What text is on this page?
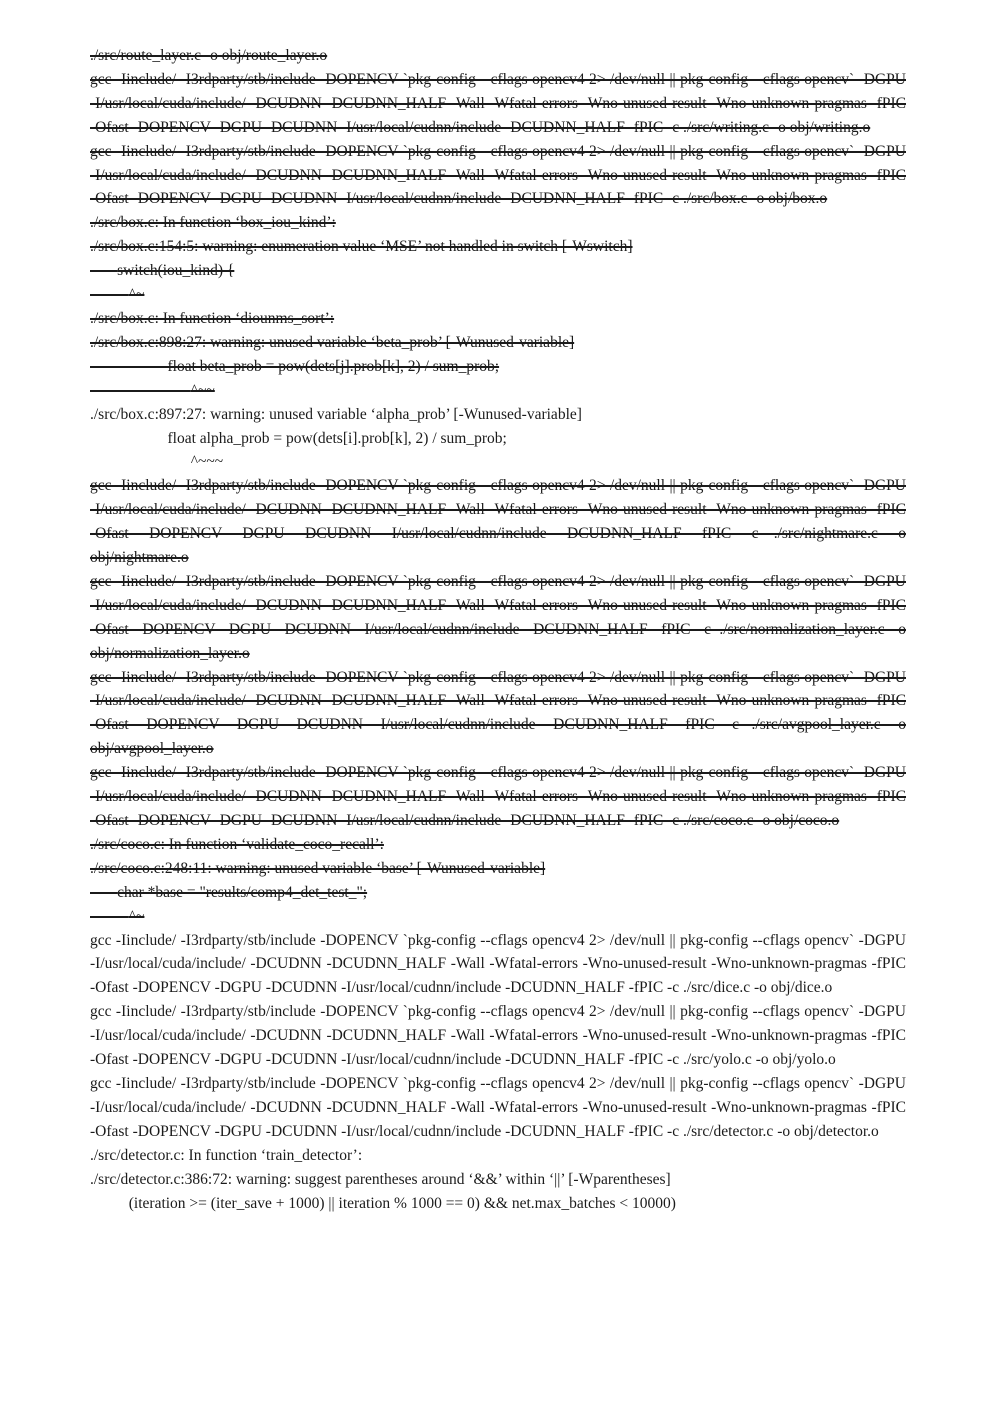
./src/route_layer.c -o obj/route_layer.o
gcc -Iinclude/ -I3rdparty/stb/include -DOPENCV `pkg-config --cflags opencv4 2> /dev/null || pkg-config --cflags opencv` -DGPU -I/usr/local/cuda/include/ -DCUDNN -DCUDNN_HALF -Wall -Wfatal-errors -Wno-unused-result -Wno-unknown-pragmas -fPIC -Ofast -DOPENCV -DGPU -DCUDNN -I/usr/local/cudnn/include -DCUDNN_HALF -fPIC -c ./src/writing.c -o obj/writing.o
gcc -Iinclude/ -I3rdparty/stb/include -DOPENCV `pkg-config --cflags opencv4 2> /dev/null || pkg-config --cflags opencv` -DGPU -I/usr/local/cuda/include/ -DCUDNN -DCUDNN_HALF -Wall -Wfatal-errors -Wno-unused-result -Wno-unknown-pragmas -fPIC -Ofast -DOPENCV -DGPU -DCUDNN -I/usr/local/cudnn/include -DCUDNN_HALF -fPIC -c ./src/box.c -o obj/box.o
./src/box.c: In function ‘box_iou_kind’:
./src/box.c:154:5: warning: enumeration value ‘MSE’ not handled in switch [-Wswitch]
switch(iou_kind) {
^~
./src/box.c: In function ‘diounms_sort’:
./src/box.c:898:27: warning: unused variable ‘beta_prob’ [-Wunused-variable]
float beta_prob = pow(dets[j].prob[k], 2) / sum_prob;
^~~
./src/box.c:897:27: warning: unused variable ‘alpha_prob’ [-Wunused-variable]
float alpha_prob = pow(dets[i].prob[k], 2) / sum_prob;
^~~~
gcc -Iinclude/ -I3rdparty/stb/include -DOPENCV `pkg-config --cflags opencv4 2> /dev/null || pkg-config --cflags opencv` -DGPU -I/usr/local/cuda/include/ -DCUDNN -DCUDNN_HALF -Wall -Wfatal-errors -Wno-unused-result -Wno-unknown-pragmas -fPIC -Ofast -DOPENCV -DGPU -DCUDNN -I/usr/local/cudnn/include -DCUDNN_HALF -fPIC -c ./src/nightmare.c -o obj/nightmare.o
gcc -Iinclude/ -I3rdparty/stb/include -DOPENCV `pkg-config --cflags opencv4 2> /dev/null || pkg-config --cflags opencv` -DGPU -I/usr/local/cuda/include/ -DCUDNN -DCUDNN_HALF -Wall -Wfatal-errors -Wno-unused-result -Wno-unknown-pragmas -fPIC -Ofast -DOPENCV -DGPU -DCUDNN -I/usr/local/cudnn/include -DCUDNN_HALF -fPIC -c ./src/normalization_layer.c -o obj/normalization_layer.o
gcc -Iinclude/ -I3rdparty/stb/include -DOPENCV `pkg-config --cflags opencv4 2> /dev/null || pkg-config --cflags opencv` -DGPU -I/usr/local/cuda/include/ -DCUDNN -DCUDNN_HALF -Wall -Wfatal-errors -Wno-unused-result -Wno-unknown-pragmas -fPIC -Ofast -DOPENCV -DGPU -DCUDNN -I/usr/local/cudnn/include -DCUDNN_HALF -fPIC -c ./src/avgpool_layer.c -o obj/avgpool_layer.o
gcc -Iinclude/ -I3rdparty/stb/include -DOPENCV `pkg-config --cflags opencv4 2> /dev/null || pkg-config --cflags opencv` -DGPU -I/usr/local/cuda/include/ -DCUDNN -DCUDNN_HALF -Wall -Wfatal-errors -Wno-unused-result -Wno-unknown-pragmas -fPIC -Ofast -DOPENCV -DGPU -DCUDNN -I/usr/local/cudnn/include -DCUDNN_HALF -fPIC -c ./src/coco.c -o obj/coco.o
./src/coco.c: In function ‘validate_coco_recall’:
./src/coco.c:248:11: warning: unused variable ‘base’ [-Wunused-variable]
char *base = "results/comp4_det_test_";
^~
gcc -Iinclude/ -I3rdparty/stb/include -DOPENCV `pkg-config --cflags opencv4 2> /dev/null || pkg-config --cflags opencv` -DGPU -I/usr/local/cuda/include/ -DCUDNN -DCUDNN_HALF -Wall -Wfatal-errors -Wno-unused-result -Wno-unknown-pragmas -fPIC -Ofast -DOPENCV -DGPU -DCUDNN -I/usr/local/cudnn/include -DCUDNN_HALF -fPIC -c ./src/dice.c -o obj/dice.o
gcc -Iinclude/ -I3rdparty/stb/include -DOPENCV `pkg-config --cflags opencv4 2> /dev/null || pkg-config --cflags opencv` -DGPU -I/usr/local/cuda/include/ -DCUDNN -DCUDNN_HALF -Wall -Wfatal-errors -Wno-unused-result -Wno-unknown-pragmas -fPIC -Ofast -DOPENCV -DGPU -DCUDNN -I/usr/local/cudnn/include -DCUDNN_HALF -fPIC -c ./src/yolo.c -o obj/yolo.o
gcc -Iinclude/ -I3rdparty/stb/include -DOPENCV `pkg-config --cflags opencv4 2> /dev/null || pkg-config --cflags opencv` -DGPU -I/usr/local/cuda/include/ -DCUDNN -DCUDNN_HALF -Wall -Wfatal-errors -Wno-unused-result -Wno-unknown-pragmas -fPIC -Ofast -DOPENCV -DGPU -DCUDNN -I/usr/local/cudnn/include -DCUDNN_HALF -fPIC -c ./src/detector.c -o obj/detector.o
./src/detector.c: In function ‘train_detector’:
./src/detector.c:386:72: warning: suggest parentheses around ‘&&’ within ‘||’ [-Wparentheses]
(iteration >= (iter_save + 1000) || iteration % 1000 == 0) && net.max_batches < 10000)
